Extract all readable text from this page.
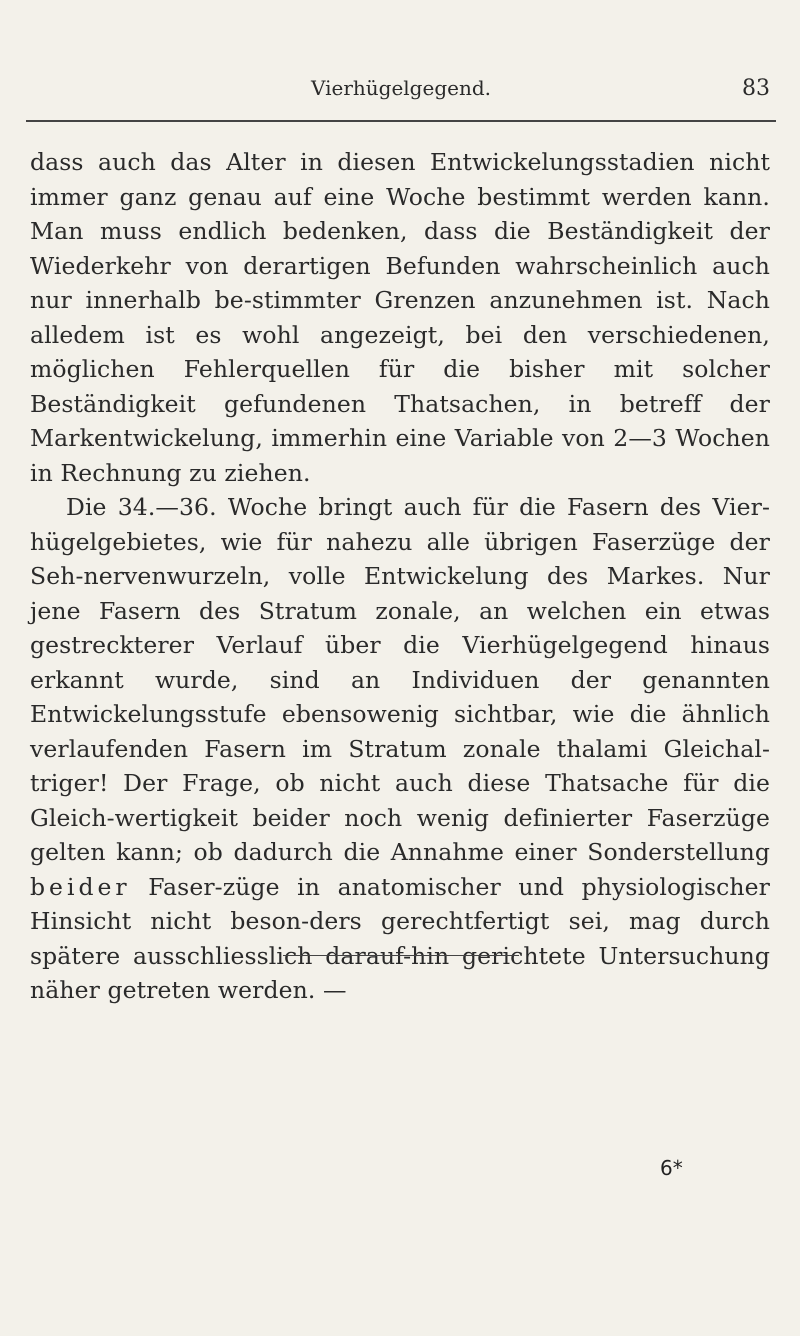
Vierhügelgegend.	83

dass auch das Alter in diesen Entwickelungsstadien nicht immer ganz genau auf eine Woche bestimmt werden kann. Man muss endlich bedenken, dass die Beständigkeit der Wiederkehr von derartigen Befunden wahrscheinlich auch nur innerhalb be-stimmter Grenzen anzunehmen ist. Nach alledem ist es wohl angezeigt, bei den verschiedenen, möglichen Fehlerquellen für die bisher mit solcher Beständigkeit gefundenen Thatsachen, in betreff der Markentwickelung, immerhin eine Variable von 2—3 Wochen in Rechnung zu ziehen.

Die 34.—36. Woche bringt auch für die Fasern des Vier-hügelgebietes, wie für nahezu alle übrigen Faserzüge der Seh-nervenwurzeln, volle Entwickelung des Markes. Nur jene Fasern des Stratum zonale, an welchen ein etwas gestreckterer Verlauf über die Vierhügelgegend hinaus erkannt wurde, sind an Individuen der genannten Entwickelungsstufe ebensowenig sichtbar, wie die ähnlich verlaufenden Fasern im Stratum zonale thalami Gleichal-triger! Der Frage, ob nicht auch diese Thatsache für die Gleich-wertigkeit beider noch wenig definierter Faserzüge gelten kann; ob dadurch die Annahme einer Sonderstellung beider Faser-züge in anatomischer und physiologischer Hinsicht nicht beson-ders gerechtfertigt sei, mag durch spätere ausschliesslich darauf-hin gerichtete Untersuchung näher getreten werden. —

6*
